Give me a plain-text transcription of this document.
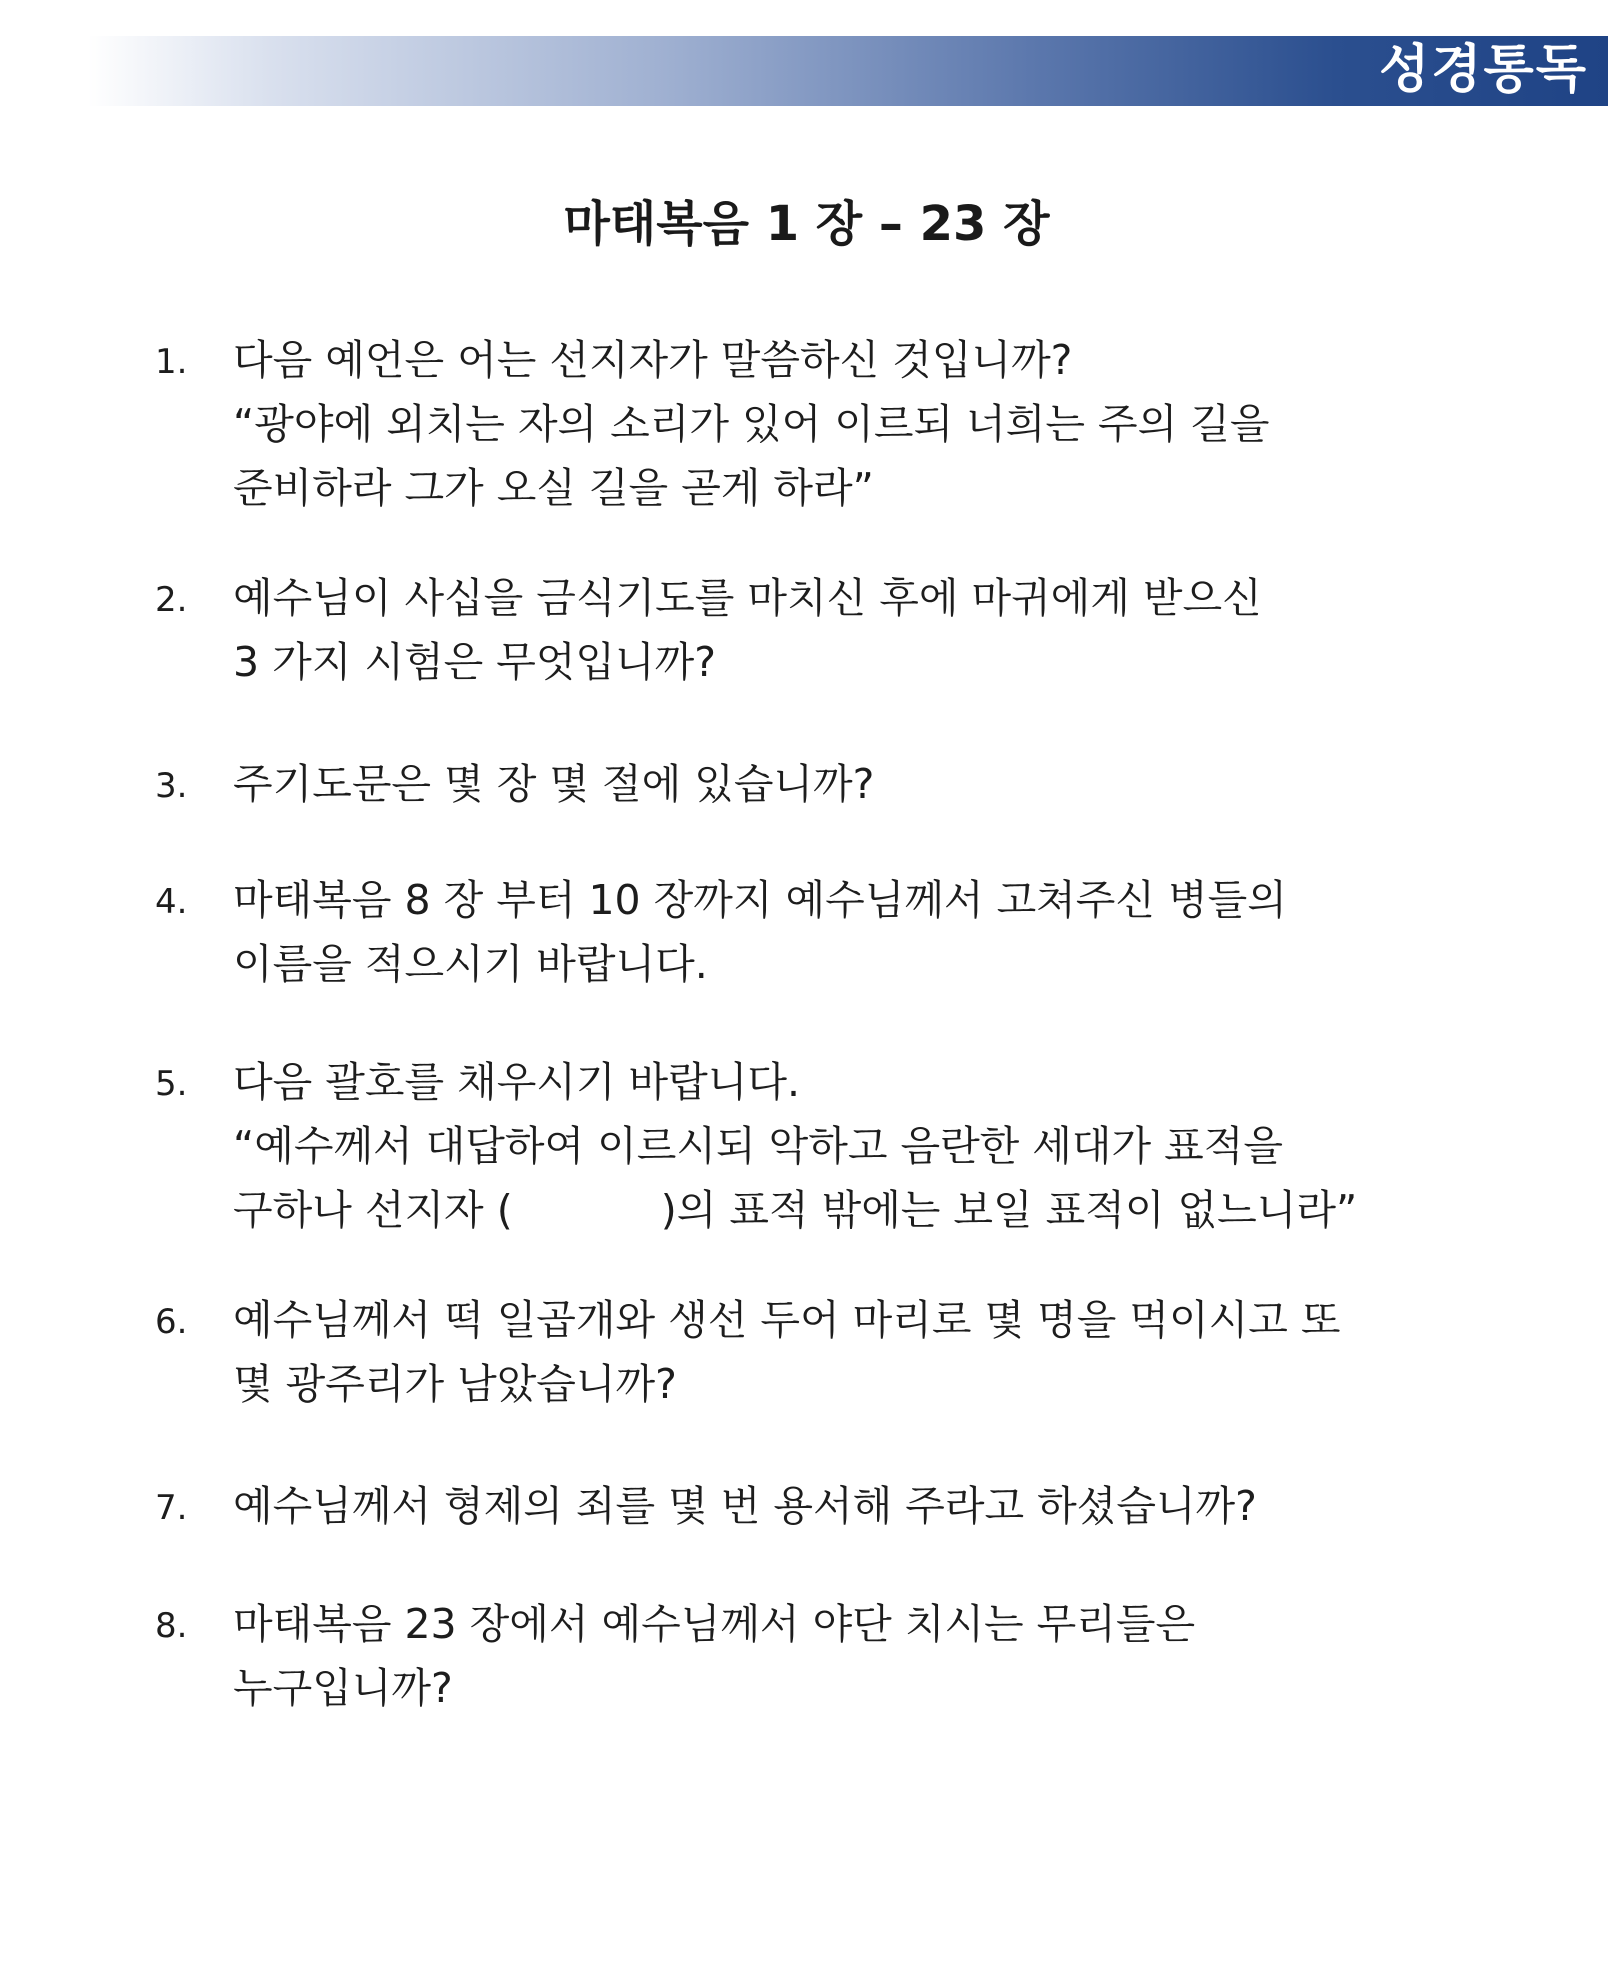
성경통독
마태복음 1 장 – 23 장
1.	다음 예언은 어는 선지자가 말씀하신 것입니까?
“광야에 외치는 자의 소리가 있어 이르되 너희는 주의 길을
준비하라 그가 오실 길을 곧게 하라”
2.	예수님이 사십을 금식기도를 마치신 후에 마귀에게 받으신
3 가지 시험은 무엇입니까?
3.	주기도문은 몇 장 몇 절에 있습니까?
4.	마태복음 8 장 부터 10 장까지 예수님께서 고쳐주신 병들의
이름을 적으시기 바랍니다.
5.	다음 괄호를 채우시기 바랍니다.
“예수께서 대답하여 이르시되 악하고 음란한 세대가 표적을
구하나 선지자 (	)의 표적 밖에는 보일 표적이 없느니라”
6.	예수님께서 떡 일곱개와 생선 두어 마리로 몇 명을 먹이시고 또
몇 광주리가 남았습니까?
7.	예수님께서 형제의 죄를 몇 번 용서해 주라고 하셨습니까?
8.	마태복음 23 장에서 예수님께서 야단 치시는 무리들은
누구입니까?
